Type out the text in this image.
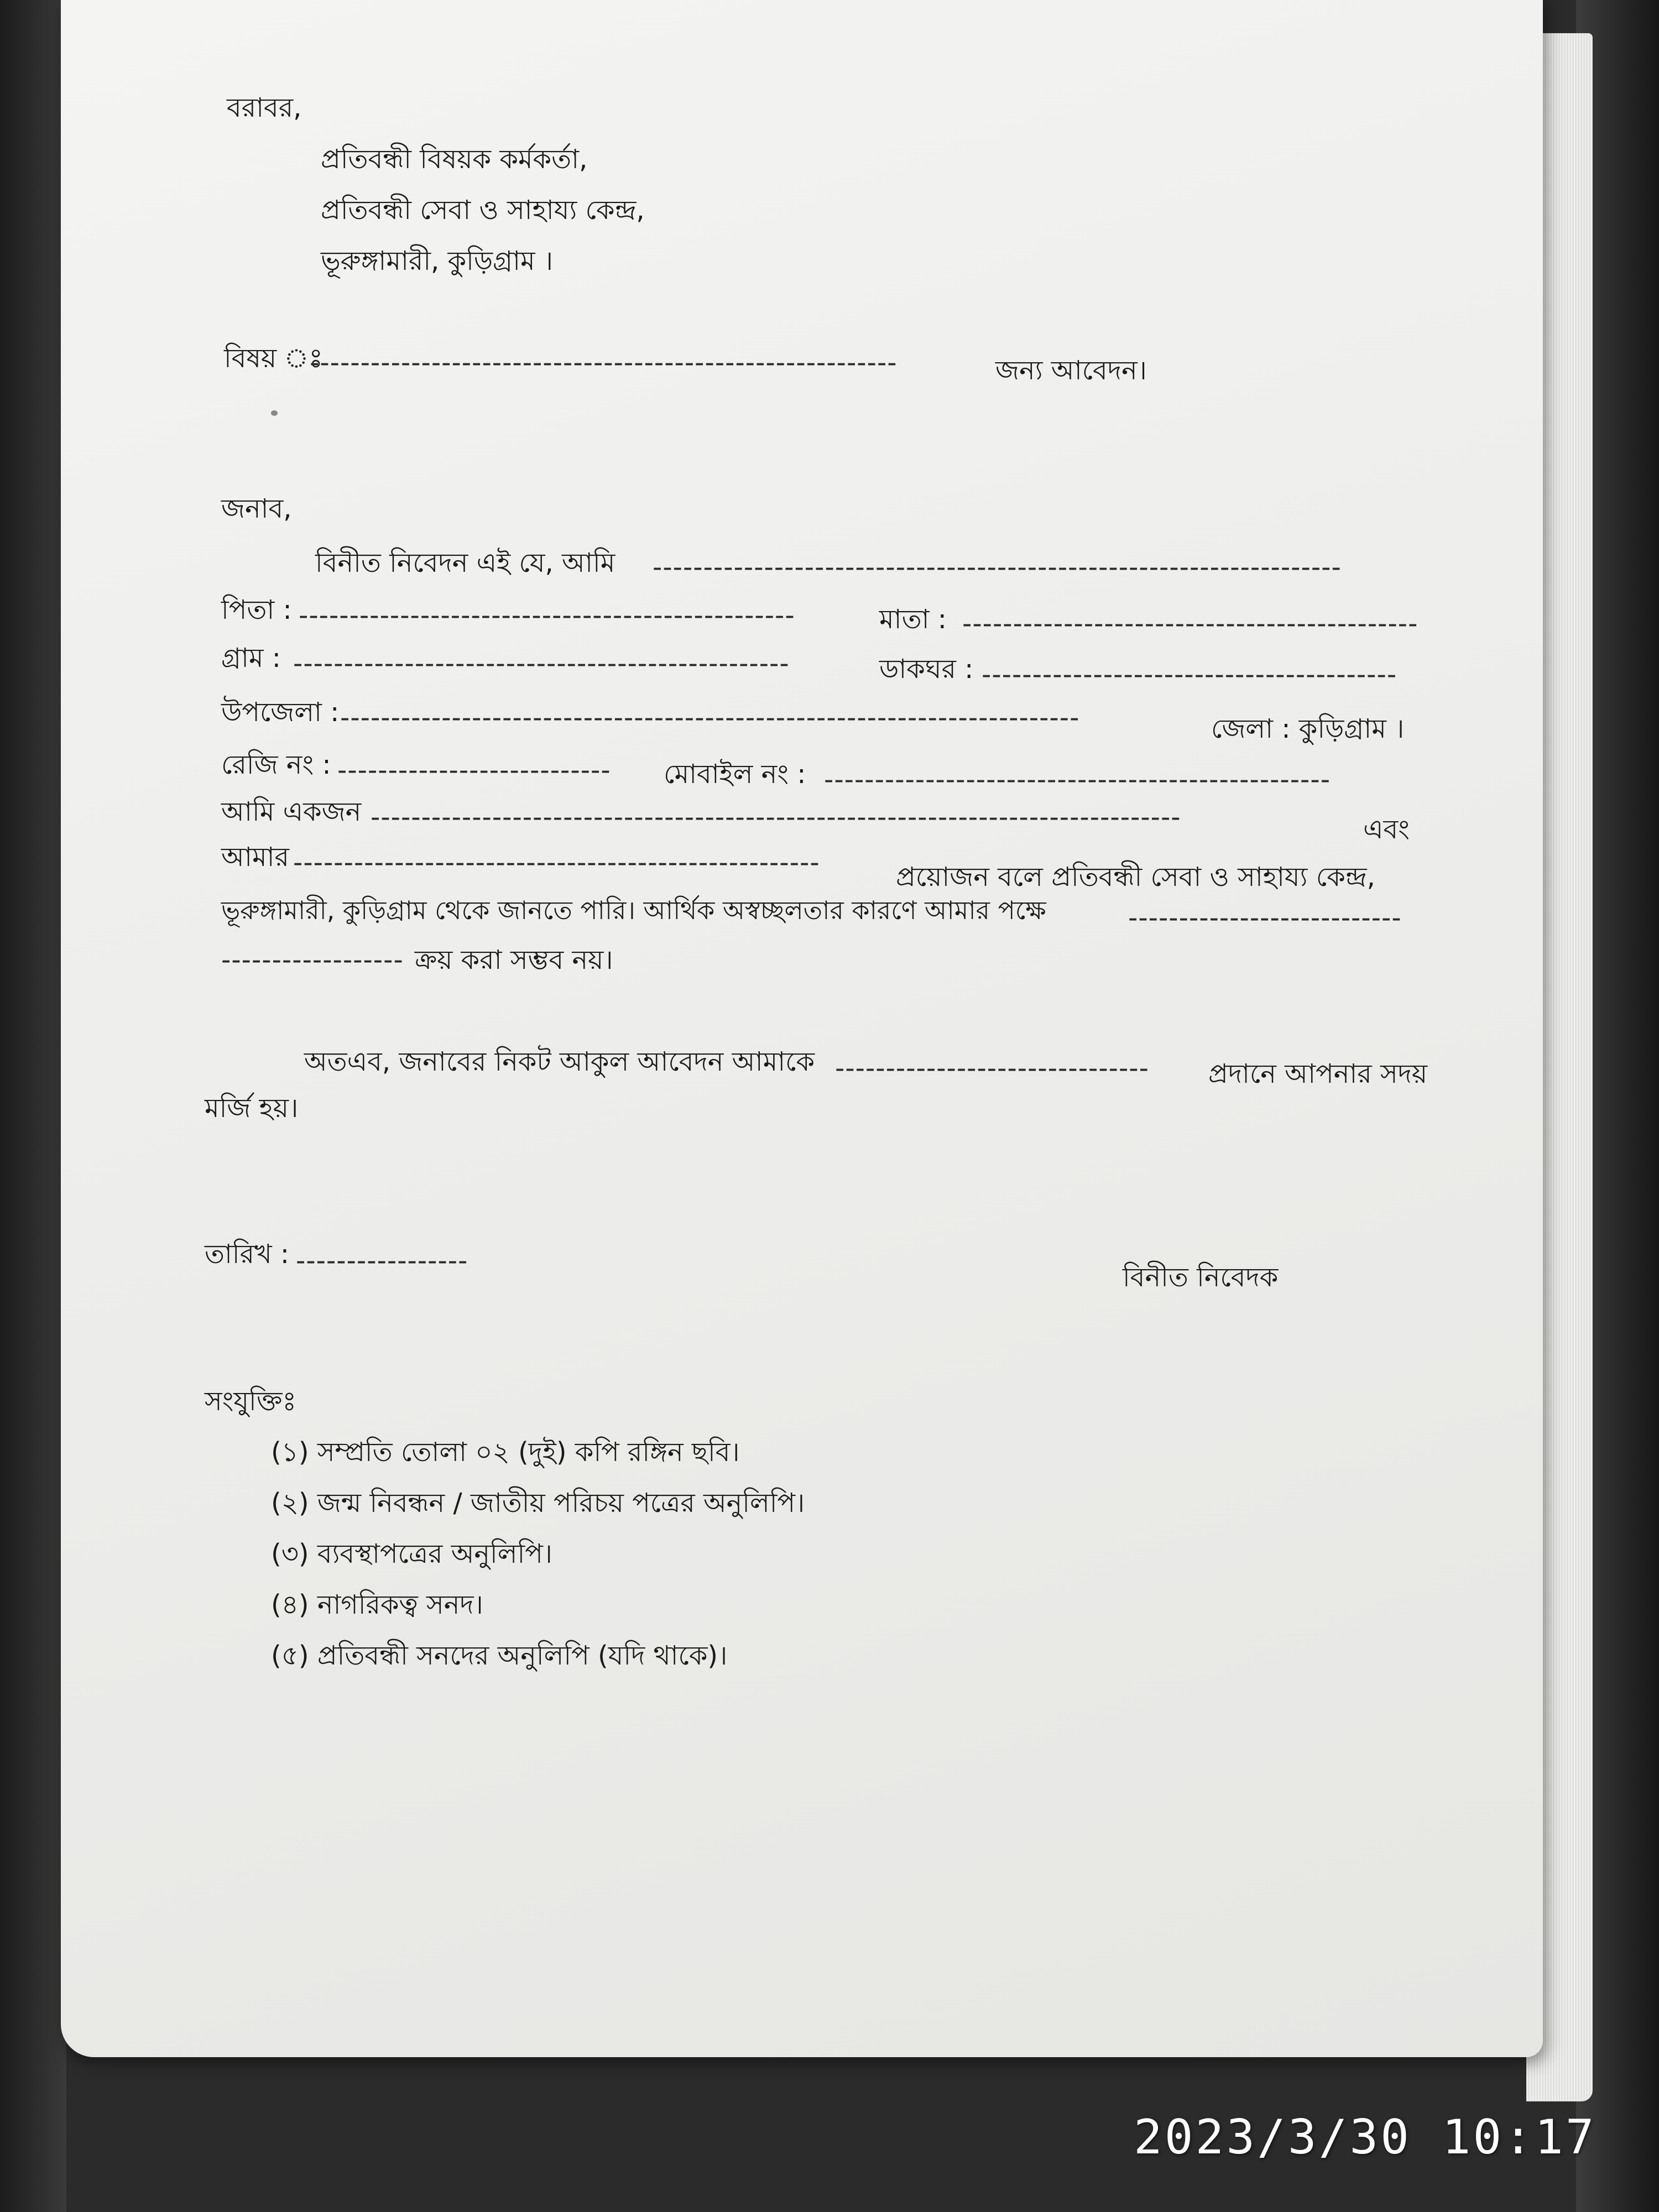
বরাবর,
প্রতিবন্ধী বিষয়ক কর্মকর্তা,
প্রতিবন্ধী সেবা ও সাহায্য কেন্দ্র,
ভূরুঙ্গামারী, কুড়িগ্রাম ।
বিষয় ঃ
----------------------------------------------------------	জন্য আবেদন।
জনাব,
বিনীত নিবেদন এই যে, আমি --------------------------------------------------------------------
পিতা : -------------------------------------------------	মাতা : ---------------------------------------------
গ্রাম : -------------------------------------------------	ডাকঘর : -----------------------------------------
উপজেলা : -------------------------------------------------------------------------	জেলা : কুড়িগ্রাম ।
রেজি নং : --------------------------- মোবাইল নং : --------------------------------------------------
আমি একজন --------------------------------------------------------------------------------	এবং
আমার ----------------------------------------------------	প্রয়োজন বলে প্রতিবন্ধী সেবা ও সাহায্য কেন্দ্র,
ভূরুঙ্গামারী, কুড়িগ্রাম থেকে জানতে পারি। আর্থিক অস্বচ্ছলতার কারণে আমার পক্ষে	---------------------------
------------------ ক্রয় করা সম্ভব নয়।
অতএব, জনাবের নিকট আকুল আবেদন আমাকে ------------------------------- প্রদানে আপনার সদয়
মর্জি হয়।
তারিখ : -----------------
বিনীত নিবেদক
সংযুক্তিঃ
(১) সম্প্রতি তোলা ০২ (দুই) কপি রঙ্গিন ছবি।
(২) জন্ম নিবন্ধন / জাতীয় পরিচয় পত্রের অনুলিপি।
(৩) ব্যবস্থাপত্রের অনুলিপি।
(৪) নাগরিকত্ব সনদ।
(৫) প্রতিবন্ধী সনদের অনুলিপি (যদি থাকে)।
2023/3/30 10:17
